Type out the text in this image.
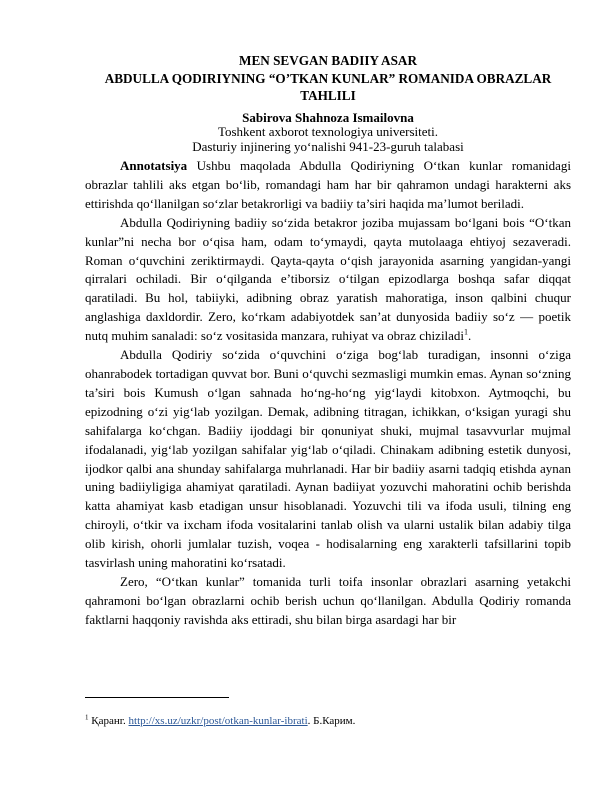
MEN SEVGAN BADIIY ASAR
ABDULLA QODIRIYNING “O’TKAN KUNLAR” ROMANIDA OBRAZLAR TAHLILI
Sabirova Shahnoza Ismailovna
Toshkent axborot texnologiya universiteti.
Dasturiy injinering yo‘nalishi 941-23-guruh talabasi

Annotatsiya Ushbu maqolada Abdulla Qodiriyning O‘tkan kunlar romanidagi obrazlar tahlili aks etgan bo‘lib, romandagi ham har bir qahramon undagi harakterni aks ettirishda qo‘llanilgan so‘zlar betakrorligi va badiiy ta’siri haqida ma’lumot beriladi.

Abdulla Qodiriyning badiiy so‘zida betakror joziba mujassam bo‘lgani bois “O‘tkan kunlar”ni necha bor o‘qisa ham, odam to‘ymaydi, qayta mutolaaga ehtiyoj sezaveradi. Roman o‘quvchini zeriktirmaydi. Qayta-qayta o‘qish jarayonida asarning yangidan-yangi qirralari ochiladi. Bir o‘qilganda e’tiborsiz o‘tilgan epizodlarga boshqa safar diqqat qaratiladi. Bu hol, tabiiyki, adibning obraz yaratish mahoratiga, inson qalbini chuqur anglashiga daxldordir. Zero, ko‘rkam adabiyotdek san’at dunyosida badiiy so‘z — poetik nutq muhim sanaladi: so‘z vositasida manzara, ruhiyat va obraz chiziladi$^1$.

Abdulla Qodiriy so‘zida o‘quvchini o‘ziga bog‘lab turadigan, insonni o‘ziga ohanrabodek tortadigan quvvat bor. Buni o‘quvchi sezmasligi mumkin emas. Aynan so‘zning ta’siri bois Kumush o‘lgan sahnada ho‘ng-ho‘ng yig‘laydi kitobxon. Aytmoqchi, bu epizodning o‘zi yig‘lab yozilgan. Demak, adibning titragan, ichikkan, o‘ksigan yuragi shu sahifalarga ko‘chgan. Badiiy ijoddagi bir qonuniyat shuki, mujmal tasavvurlar mujmal ifodalanadi, yig‘lab yozilgan sahifalar yig‘lab o‘qiladi. Chinakam adibning estetik dunyosi, ijodkor qalbi ana shunday sahifalarga muhrlanadi. Har bir badiiy asarni tadqiq etishda aynan uning badiiyligiga ahamiyat qaratiladi. Aynan badiiyat yozuvchi mahoratini ochib berishda katta ahamiyat kasb etadigan unsur hisoblanadi. Yozuvchi tili va ifoda usuli, tilning eng chiroyli, o‘tkir va ixcham ifoda vositalarini tanlab olish va ularni ustalik bilan adabiy tilga olib kirish, ohorli jumlalar tuzish, voqea - hodisalarning eng xarakterli tafsillarini topib tasvirlash uning mahoratini ko‘rsatadi.

Zero, “O‘tkan kunlar” tomanida turli toifa insonlar obrazlari asarning yetakchi qahramoni bo‘lgan obrazlarni ochib berish uchun qo‘llanilgan. Abdulla Qodiriy romanda faktlarni haqqoniy ravishda aks ettiradi, shu bilan birga asardagi har bir

$^1$ Қаранг. http://xs.uz/uzkr/post/otkan-kunlar-ibrati. Б.Карим.
